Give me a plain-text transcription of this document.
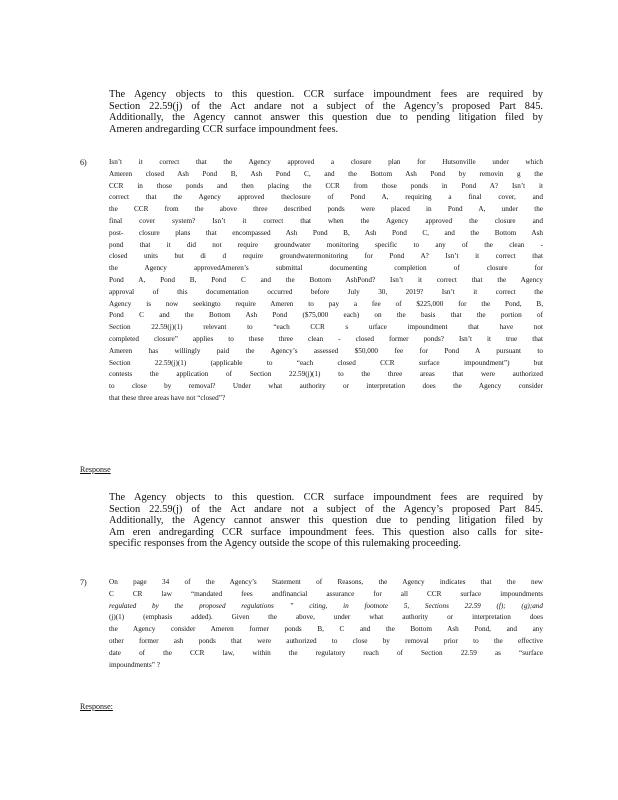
The Agency objects to this question. CCR surface impoundment fees are required by
Section 22.59(j) of the Act andare not a subject of the Agency’s proposed Part 845.
Additionally, the Agency cannot answer this question due to pending litigation filed by
Ameren andregarding CCR surface impoundment fees.
6)	Isn’t it correct that the Agency approved a closure plan for Hutsonville under which
Ameren closed Ash Pond B, Ash Pond C, and the Bottom Ash Pond by removin g the
CCR in those ponds and then placing the CCR from those ponds in Pond A? Isn’t it
correct that the Agency approved theclosure of Pond A, requiring a final cover, and
the CCR from the above three described ponds were placed in Pond A, under the
final cover system? Isn’t it correct that when the Agency approved the closure and
post- closure plans that encompassed Ash Pond B, Ash Pond C, and the Bottom Ash
pond that it did not require groundwater monitoring specific to any of the clean -
closed units but di d require groundwatermonitoring for Pond A? Isn’t it correct that
the Agency approvedAmeren’s submittal documenting completion of closure for
Pond A, Pond B, Pond C and the Bottom AshPond? Isn’t it correct that the Agency
approval of this documentation occurred before July 30, 2019? Isn’t it correct the
Agency is now seekingto require Ameren to pay a fee of $225,000 for the Pond, B,
Pond C and the Bottom Ash Pond ($75,000 each) on the basis that the portion of
Section 22.59(j)(1) relevant to “each CCR s urface impoundment that have not
completed closure” applies to these three clean - closed former ponds? Isn’t it true that
Ameren has willingly paid the Agency’s assessed $50,000 fee for Pond A pursuant to
Section 22.59(j)(1) (applicable to “each closed CCR surface impoundment”) but
contests the application of Section 22.59(j)(1) to the three areas that were authorized
to close by removal? Under what authority or interpretation does the Agency consider
that these three areas have not “closed”?
Response
The Agency objects to this question. CCR surface impoundment fees are required by
Section 22.59(j) of the Act andare not a subject of the Agency’s proposed Part 845.
Additionally, the Agency cannot answer this question due to pending litigation filed by
Am eren andregarding CCR surface impoundment fees. This question also calls for site-
specific responses from the Agency outside the scope of this rulemaking proceeding.
7)	On page 34 of the Agency’s Statement of Reasons, the Agency indicates that the new
C CR law “mandated fees andfinancial assurance for all CCR surface impoundments
regulated by the proposed regulations ” citing, in footnote 5, Sections 22.59 (f); (g);and
(j)(1) (emphasis added). Given the above, under what authority or interpretation does
the Agency consider Ameren former ponds B, C and the Bottom Ash Pond, and any
other former ash ponds that were authorized to close by removal prior to the effective
date of the CCR law, within the regulatory reach of Section 22.59 as “surface
impoundments” ?
Response:
